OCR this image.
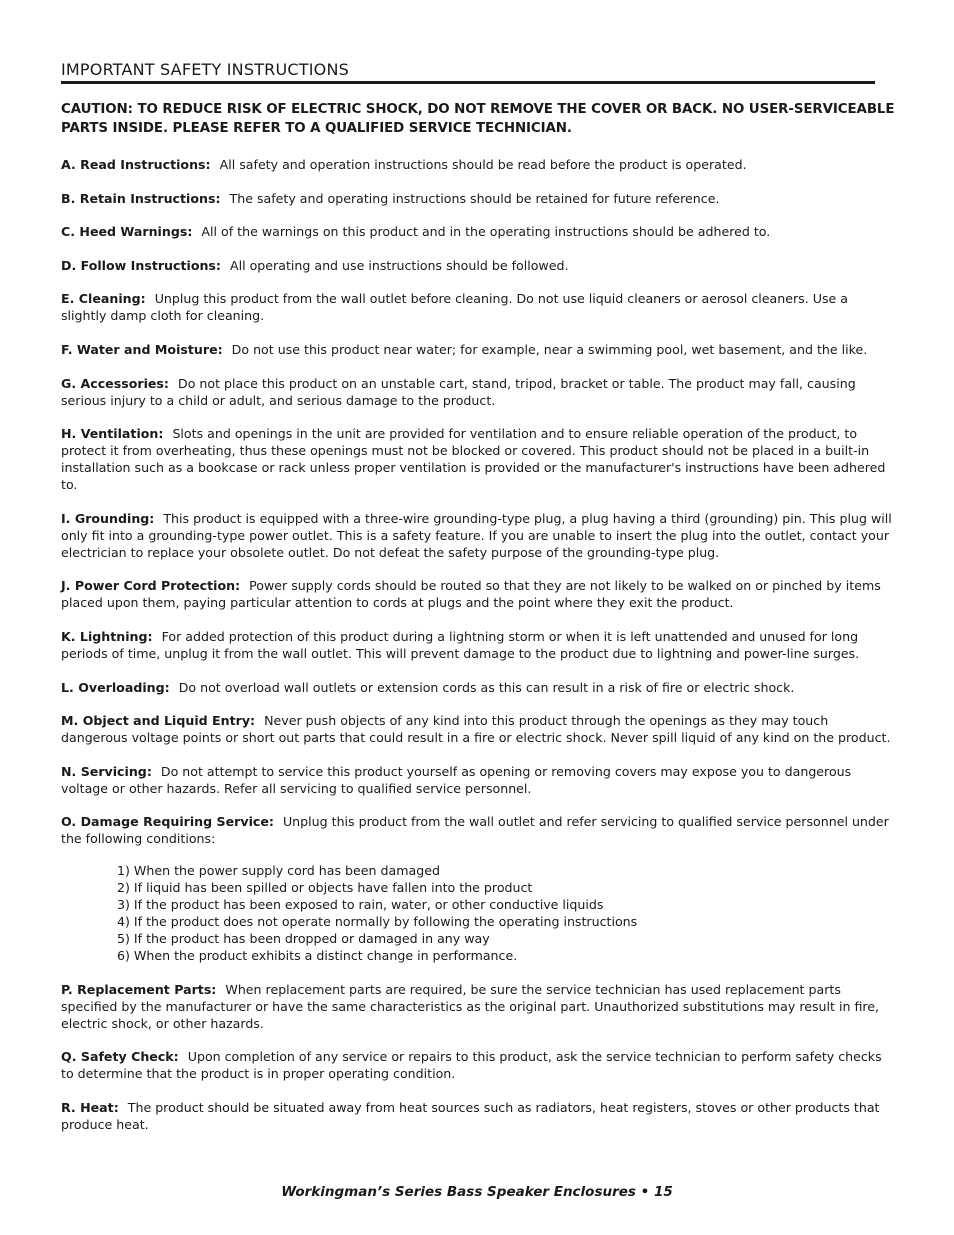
IMPORTANT SAFETY INSTRUCTIONS

CAUTION: TO REDUCE RISK OF ELECTRIC SHOCK, DO NOT REMOVE THE COVER OR BACK. NO USER-SERVICEABLE PARTS INSIDE. PLEASE REFER TO A QUALIFIED SERVICE TECHNICIAN.

A. Read Instructions: All safety and operation instructions should be read before the product is operated.

B. Retain Instructions: The safety and operating instructions should be retained for future reference.

C. Heed Warnings: All of the warnings on this product and in the operating instructions should be adhered to.

D. Follow Instructions: All operating and use instructions should be followed.

E. Cleaning: Unplug this product from the wall outlet before cleaning. Do not use liquid cleaners or aerosol cleaners. Use a slightly damp cloth for cleaning.

F. Water and Moisture: Do not use this product near water; for example, near a swimming pool, wet basement, and the like.

G. Accessories: Do not place this product on an unstable cart, stand, tripod, bracket or table. The product may fall, causing serious injury to a child or adult, and serious damage to the product.

H. Ventilation: Slots and openings in the unit are provided for ventilation and to ensure reliable operation of the product, to protect it from overheating, thus these openings must not be blocked or covered. This product should not be placed in a built-in installation such as a bookcase or rack unless proper ventilation is provided or the manufacturer's instructions have been adhered to.

I. Grounding: This product is equipped with a three-wire grounding-type plug, a plug having a third (grounding) pin. This plug will only fit into a grounding-type power outlet. This is a safety feature. If you are unable to insert the plug into the outlet, contact your electrician to replace your obsolete outlet. Do not defeat the safety purpose of the grounding-type plug.

J. Power Cord Protection: Power supply cords should be routed so that they are not likely to be walked on or pinched by items placed upon them, paying particular attention to cords at plugs and the point where they exit the product.

K. Lightning: For added protection of this product during a lightning storm or when it is left unattended and unused for long periods of time, unplug it from the wall outlet. This will prevent damage to the product due to lightning and power-line surges.

L. Overloading: Do not overload wall outlets or extension cords as this can result in a risk of fire or electric shock.

M. Object and Liquid Entry: Never push objects of any kind into this product through the openings as they may touch dangerous voltage points or short out parts that could result in a fire or electric shock. Never spill liquid of any kind on the product.

N. Servicing: Do not attempt to service this product yourself as opening or removing covers may expose you to dangerous voltage or other hazards. Refer all servicing to qualified service personnel.

O. Damage Requiring Service: Unplug this product from the wall outlet and refer servicing to qualified service personnel under the following conditions:

1) When the power supply cord has been damaged
2) If liquid has been spilled or objects have fallen into the product
3) If the product has been exposed to rain, water, or other conductive liquids
4) If the product does not operate normally by following the operating instructions
5) If the product has been dropped or damaged in any way
6) When the product exhibits a distinct change in performance.

P. Replacement Parts: When replacement parts are required, be sure the service technician has used replacement parts specified by the manufacturer or have the same characteristics as the original part. Unauthorized substitutions may result in fire, electric shock, or other hazards.

Q. Safety Check: Upon completion of any service or repairs to this product, ask the service technician to perform safety checks to determine that the product is in proper operating condition.

R. Heat: The product should be situated away from heat sources such as radiators, heat registers, stoves or other products that produce heat.

Workingman’s Series Bass Speaker Enclosures • 15
